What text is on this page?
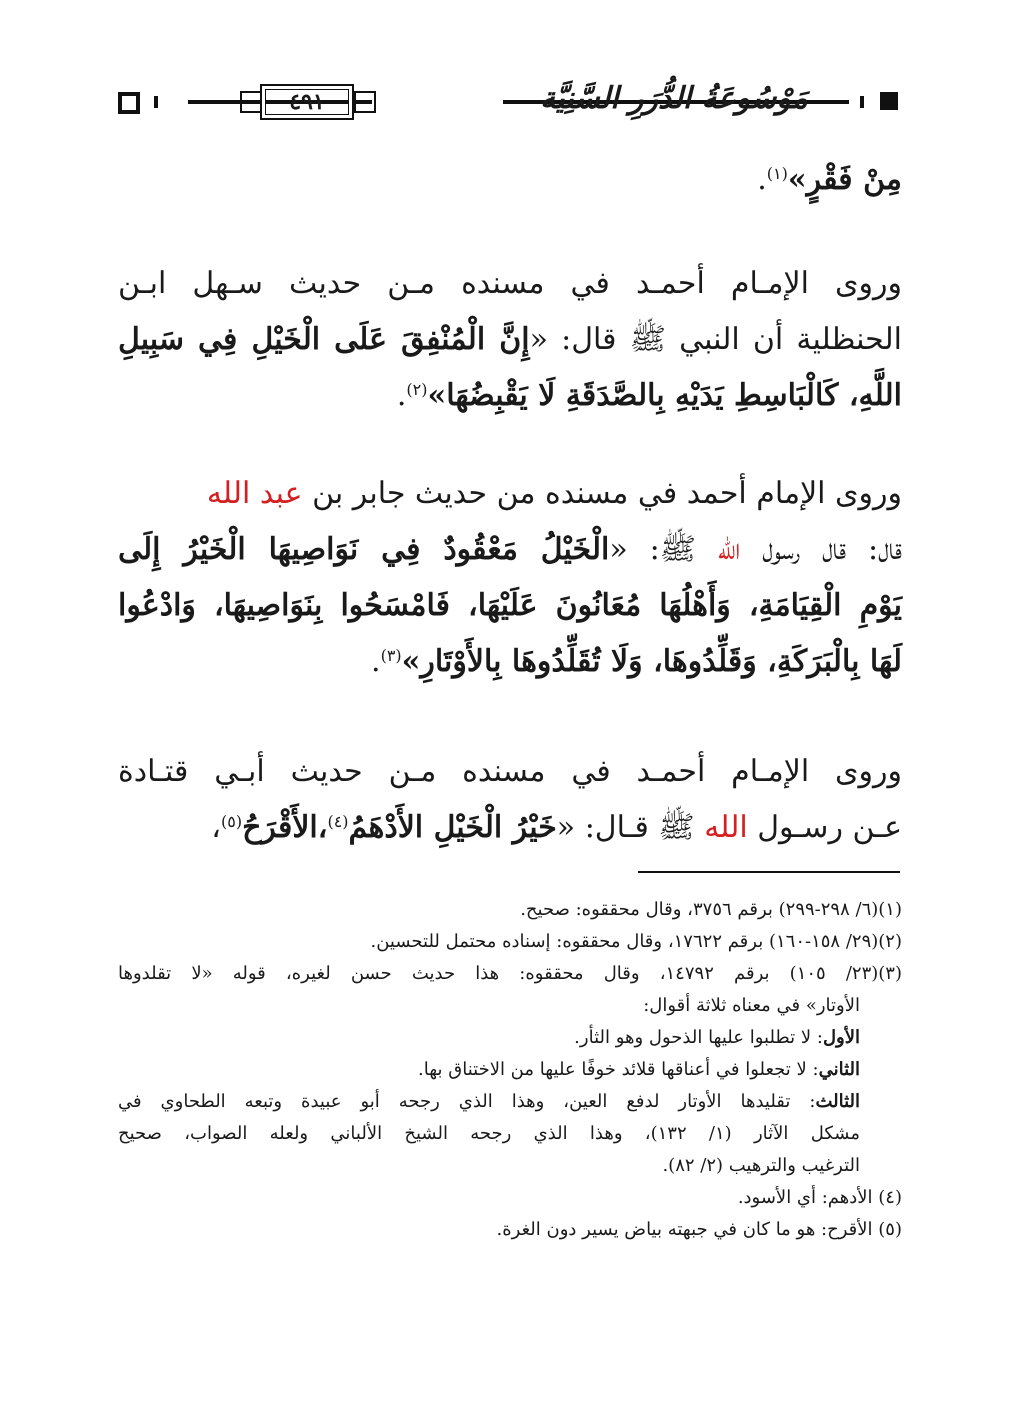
٤٩١	مَوْسُوعَةُ الدُّرَرِ السَّنِيَّة
مِنْ فَقْرٍ»$^{(١)}$.
وروى الإمـام أحمـد في مسنده مـن حديث سـهل ابـن
الحنظلية أن النبي ﷺ قال: «إِنَّ الْمُنْفِقَ عَلَى الْخَيْلِ فِي سَبِيلِ
اللَّهِ، كَالْبَاسِطِ يَدَيْهِ بِالصَّدَقَةِ لَا يَقْبِضُهَا»$^{(٢)}$.
وروى الإمام أحمد في مسنده من حديث جابر بن عبد الله
قال: قال رسول الله ﷺ: «الْخَيْلُ مَعْقُودٌ فِي نَوَاصِيهَا الْخَيْرُ إِلَى
يَوْمِ الْقِيَامَةِ، وَأَهْلُهَا مُعَانُونَ عَلَيْهَا، فَامْسَحُوا بِنَوَاصِيهَا، وَادْعُوا
لَهَا بِالْبَرَكَةِ، وَقَلِّدُوهَا، وَلَا تُقَلِّدُوهَا بِالأَوْتَارِ»$^{(٣)}$.
وروى الإمـام أحمـد في مسنده مـن حديث أبـي قتـادة
عـن رسـول الله ﷺ قـال: «خَيْرُ الْخَيْلِ الأَدْهَمُ$^{(٤)}$،الأَقْرَحُ$^{(٥)}$،
(١)(٦/ ٢٩٨-٢٩٩) برقم ٣٧٥٦، وقال محققوه: صحيح.
(٢)(٢٩/ ١٥٨-١٦٠) برقم ١٧٦٢٢، وقال محققوه: إسناده محتمل للتحسين.
(٣)(٢٣/ ١٠٥) برقم ١٤٧٩٢، وقال محققوه: هذا حديث حسن لغيره، قوله «لا تقلدوها
الأوتار» في معناه ثلاثة أقوال:
الأول: لا تطلبوا عليها الذحول وهو الثأر.
الثاني: لا تجعلوا في أعناقها قلائد خوفًا عليها من الاختناق بها.
الثالث: تقليدها الأوتار لدفع العين، وهذا الذي رجحه أبو عبيدة وتبعه الطحاوي في
مشكل الآثار (١/ ١٣٢)، وهذا الذي رجحه الشيخ الألباني ولعله الصواب، صحيح
الترغيب والترهيب (٢/ ٨٢).
(٤) الأدهم: أي الأسود.
(٥) الأقرح: هو ما كان في جبهته بياض يسير دون الغرة.
